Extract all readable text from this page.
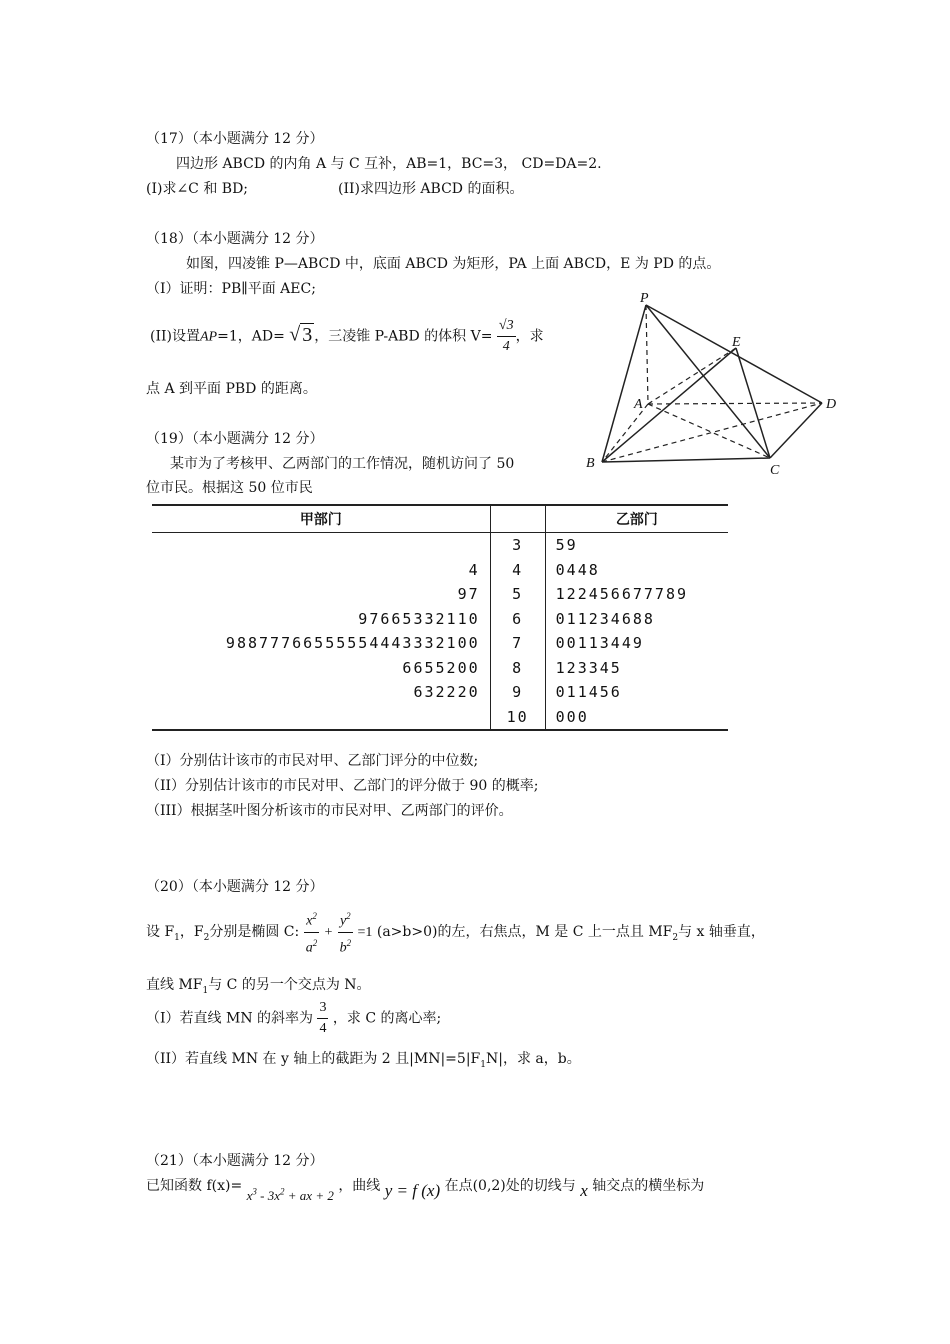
（17）（本小题满分 12 分）
四边形 ABCD 的内角 A 与 C 互补，AB=1，BC=3， CD=DA=2.
(I)求∠C 和 BD;	(II)求四边形 ABCD 的面积。
（18）（本小题满分 12 分）
如图，四凌锥 P—ABCD 中，底面 ABCD 为矩形，PA 上面 ABCD，E 为 PD 的点。
（I）证明：PB∥平面 AEC;
(II)设置AP=1，AD= √ 3 ，三凌锥 P-ABD 的体积 $V= \frac{√3}{4}$ ，求
点 A 到平面 PBD 的距离。
P
E
A	D
B	C
（19）（本小题满分 12 分）
某市为了考核甲、乙两部门的工作情况，随机访问了 50
位市民。根据这 50 位市民
甲部门		乙部门
	3	59
4	4	0448
97	5	122456677789
97665332110	6	011234688
98877766555554443332100	7	00113449
6655200	8	123345
632220	9	011456
	10	000
（I）分别估计该市的市民对甲、乙部门评分的中位数;
（II）分别估计该市的市民对甲、乙部门的评分做于 90 的概率;
（III）根据茎叶图分析该市的市民对甲、乙两部门的评价。
（20）（本小题满分 12 分）
设 $F_1$，$F_2$分别是椭圆 C: $\frac{x^2}{a^2} + \frac{y^2}{b^2} =1$ (a>b>0)的左，右焦点，M 是 C 上一点且 $MF_2$与 x 轴垂直，
直线 $MF_1$与 C 的另一个交点为 N。
（I）若直线 MN 的斜率为 $\frac{3}{4}$ ，求 C 的离心率;
（II）若直线 MN 在 y 轴上的截距为 2 且$|MN|=5|F_1N|$，求 a，b。
（21）（本小题满分 12 分）
已知函数 $f(x)= x^3 - 3x^2$ + ax + 2 ，曲线 y = f (x) 在点(0,2)处的切线与 x 轴交点的横坐标为
